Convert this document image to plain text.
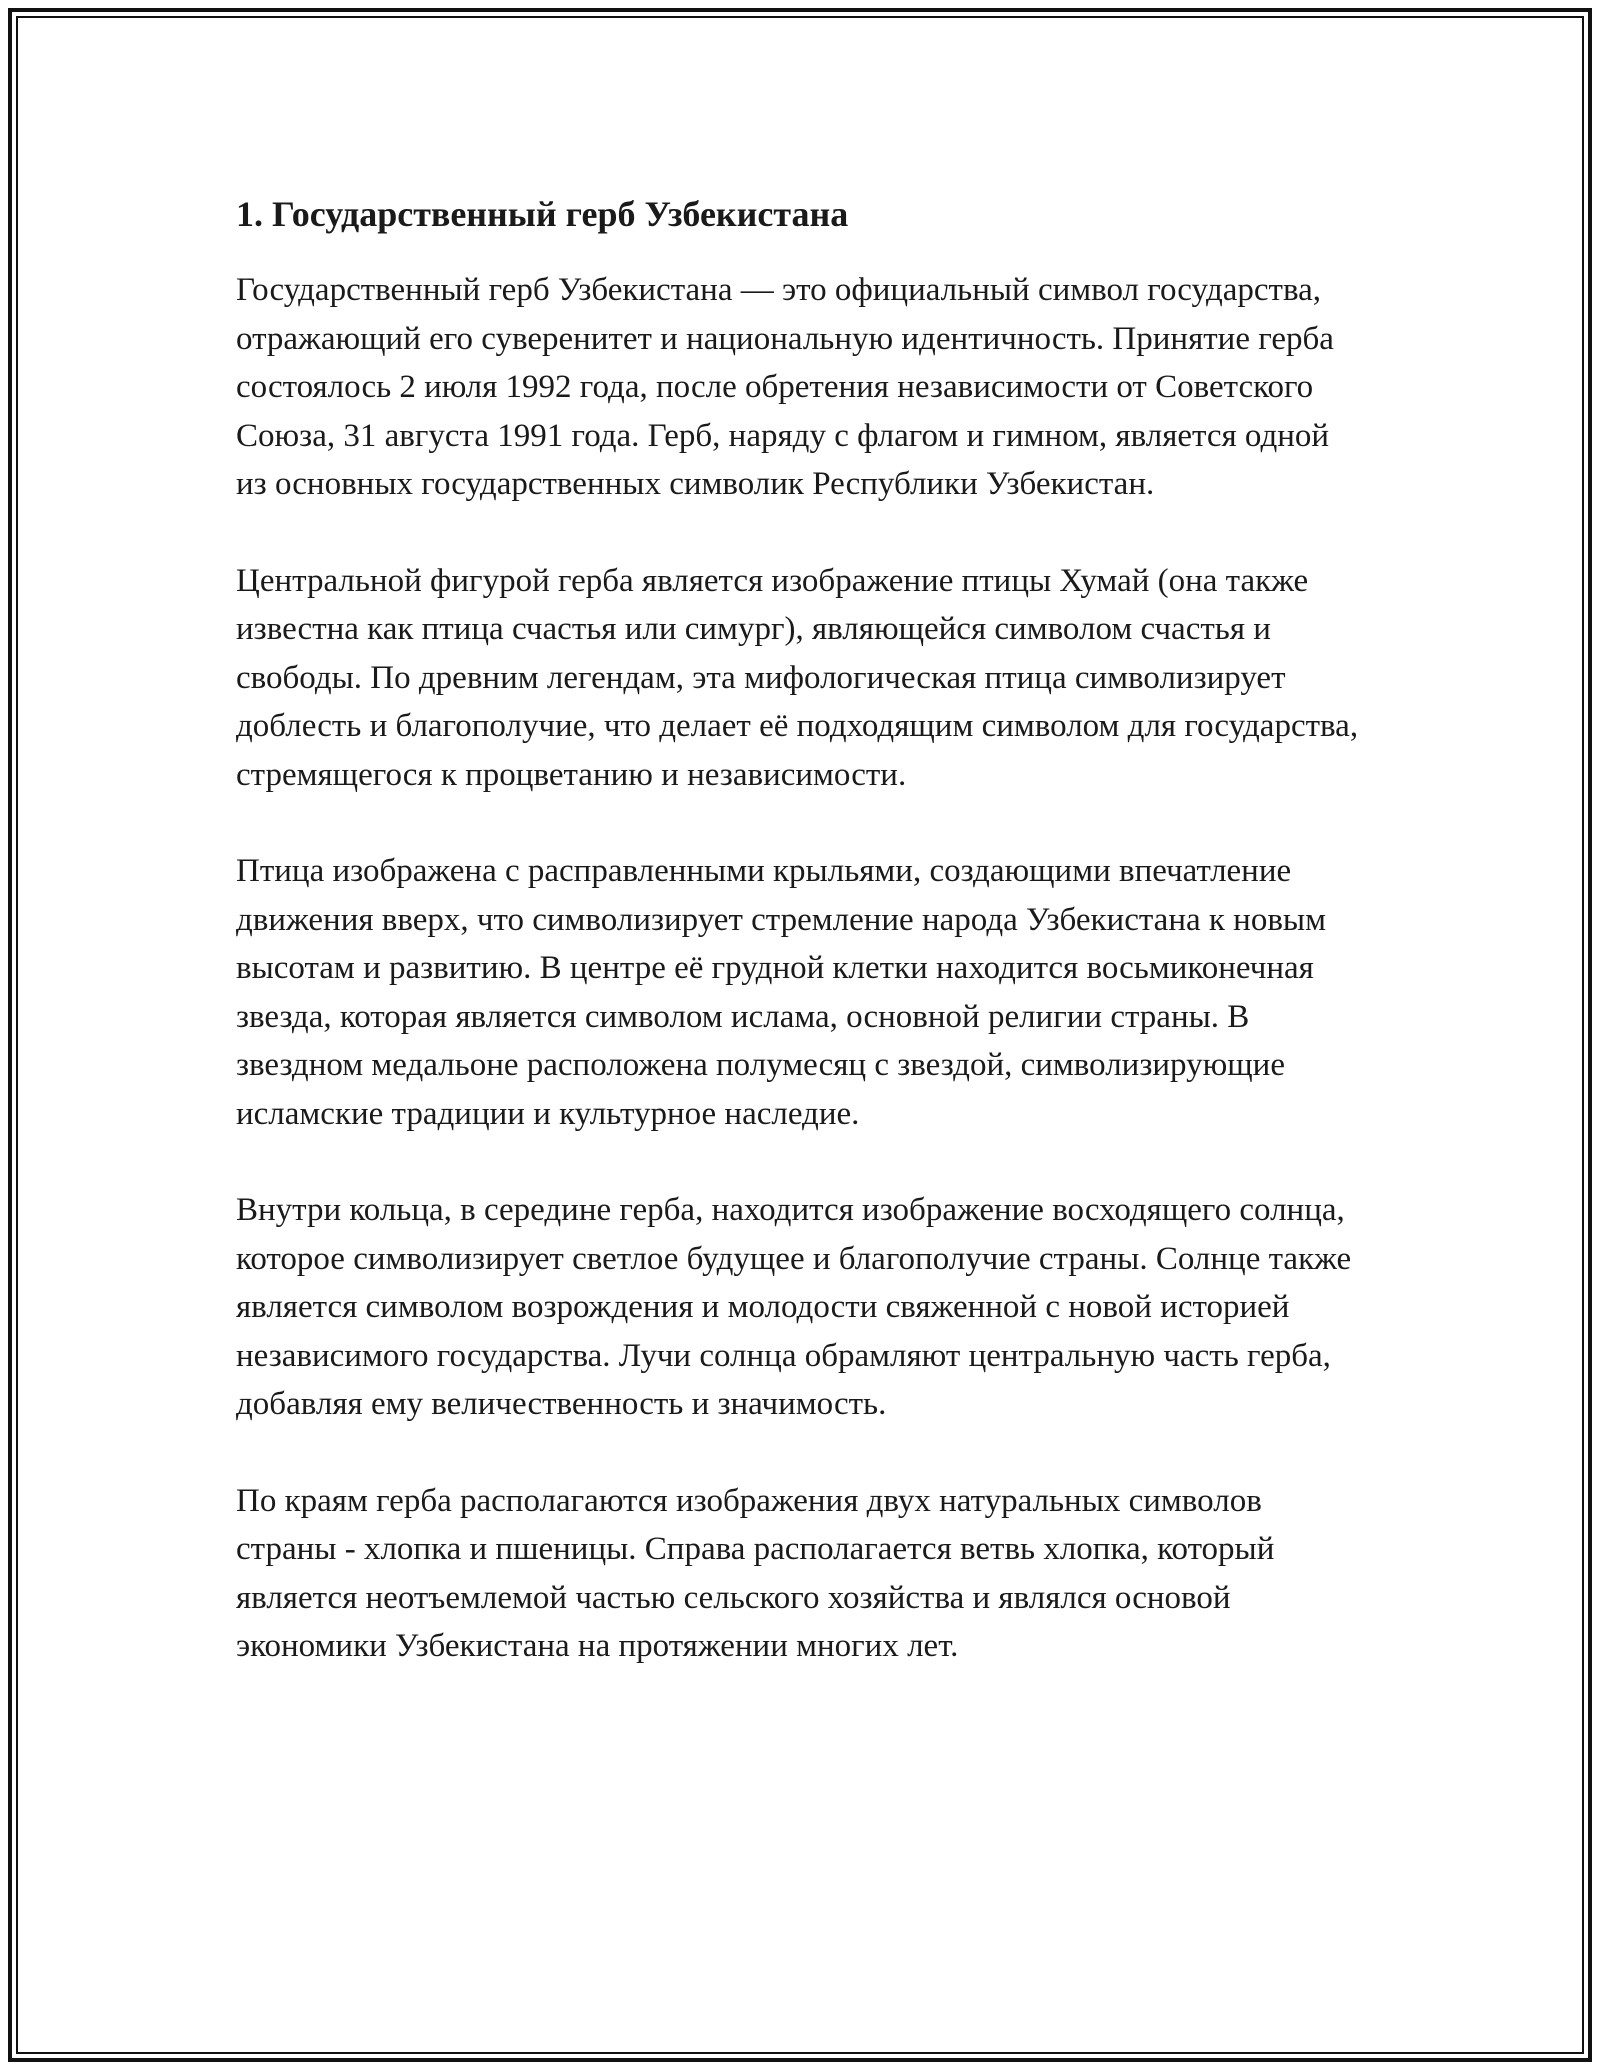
1. Государственный герб Узбекистана

Государственный герб Узбекистана — это официальный символ государства, отражающий его суверенитет и национальную идентичность. Принятие герба состоялось 2 июля 1992 года, после обретения независимости от Советского Союза, 31 августа 1991 года. Герб, наряду с флагом и гимном, является одной из основных государственных символик Республики Узбекистан.

Центральной фигурой герба является изображение птицы Хумай (она также известна как птица счастья или симург), являющейся символом счастья и свободы. По древним легендам, эта мифологическая птица символизирует доблесть и благополучие, что делает её подходящим символом для государства, стремящегося к процветанию и независимости.

Птица изображена с расправленными крыльями, создающими впечатление движения вверх, что символизирует стремление народа Узбекистана к новым высотам и развитию. В центре её грудной клетки находится восьмиконечная звезда, которая является символом ислама, основной религии страны. В звездном медальоне расположена полумесяц с звездой, символизирующие исламские традиции и культурное наследие.

Внутри кольца, в середине герба, находится изображение восходящего солнца, которое символизирует светлое будущее и благополучие страны. Солнце также является символом возрождения и молодости свяженной с новой историей независимого государства. Лучи солнца обрамляют центральную часть герба, добавляя ему величественность и значимость.

По краям герба располагаются изображения двух натуральных символов страны - хлопка и пшеницы. Справа располагается ветвь хлопка, который является неотъемлемой частью сельского хозяйства и являлся основой экономики Узбекистана на протяжении многих лет.
